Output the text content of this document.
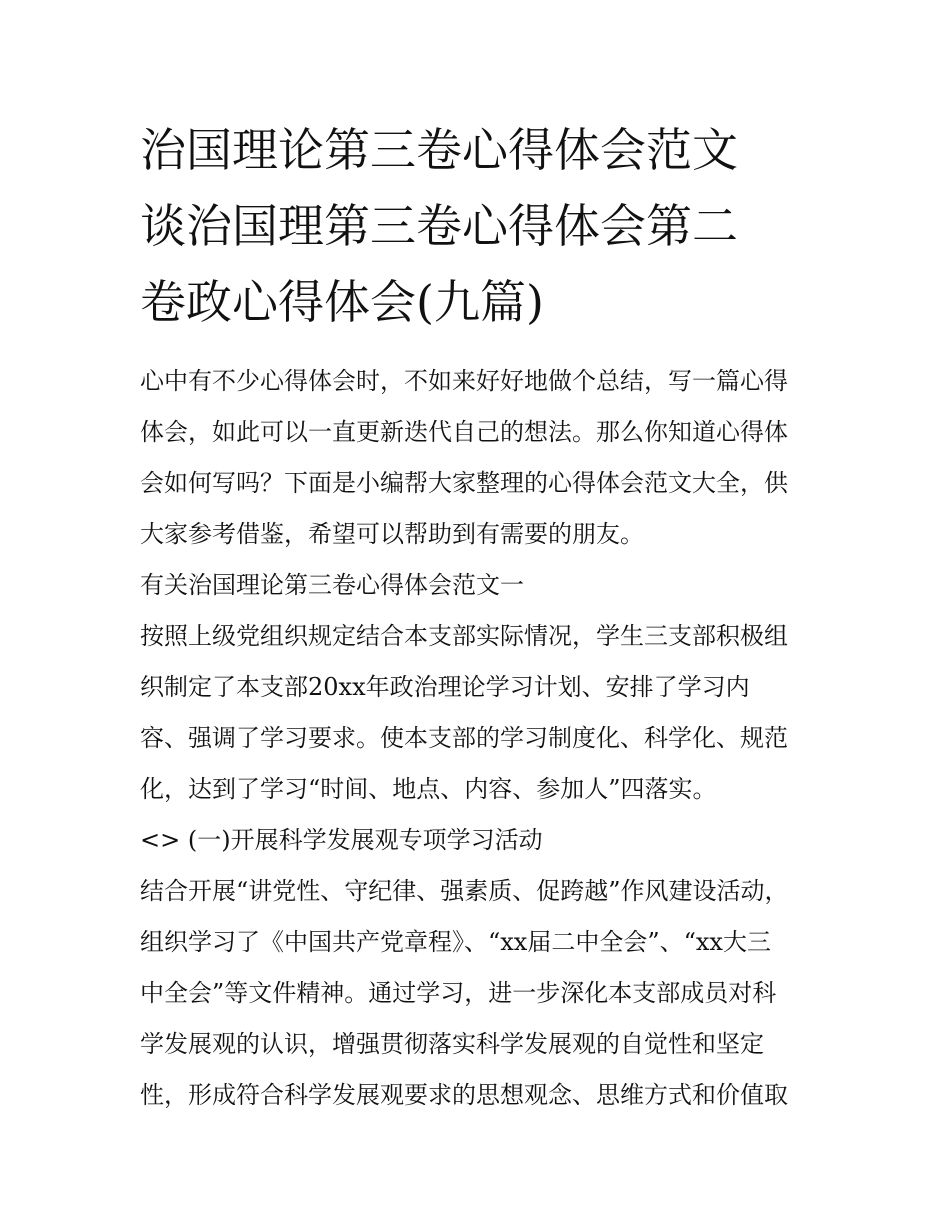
治国理论第三卷心得体会范文
谈治国理第三卷心得体会第二
卷政心得体会(九篇)

心中有不少心得体会时，不如来好好地做个总结，写一篇心得
体会，如此可以一直更新迭代自己的想法。那么你知道心得体
会如何写吗？下面是小编帮大家整理的心得体会范文大全，供
大家参考借鉴，希望可以帮助到有需要的朋友。

有关治国理论第三卷心得体会范文一

按照上级党组织规定结合本支部实际情况，学生三支部积极组
织制定了本支部20xx年政治理论学习计划、安排了学习内
容、强调了学习要求。使本支部的学习制度化、科学化、规范
化，达到了学习“时间、地点、内容、参加人”四落实。

<> (一)开展科学发展观专项学习活动

结合开展“讲党性、守纪律、强素质、促跨越”作风建设活动，
组织学习了《中国共产党章程》、“xx届二中全会”、“xx大三
中全会”等文件精神。通过学习，进一步深化本支部成员对科
学发展观的认识，增强贯彻落实科学发展观的自觉性和坚定
性，形成符合科学发展观要求的思想观念、思维方式和价值取
